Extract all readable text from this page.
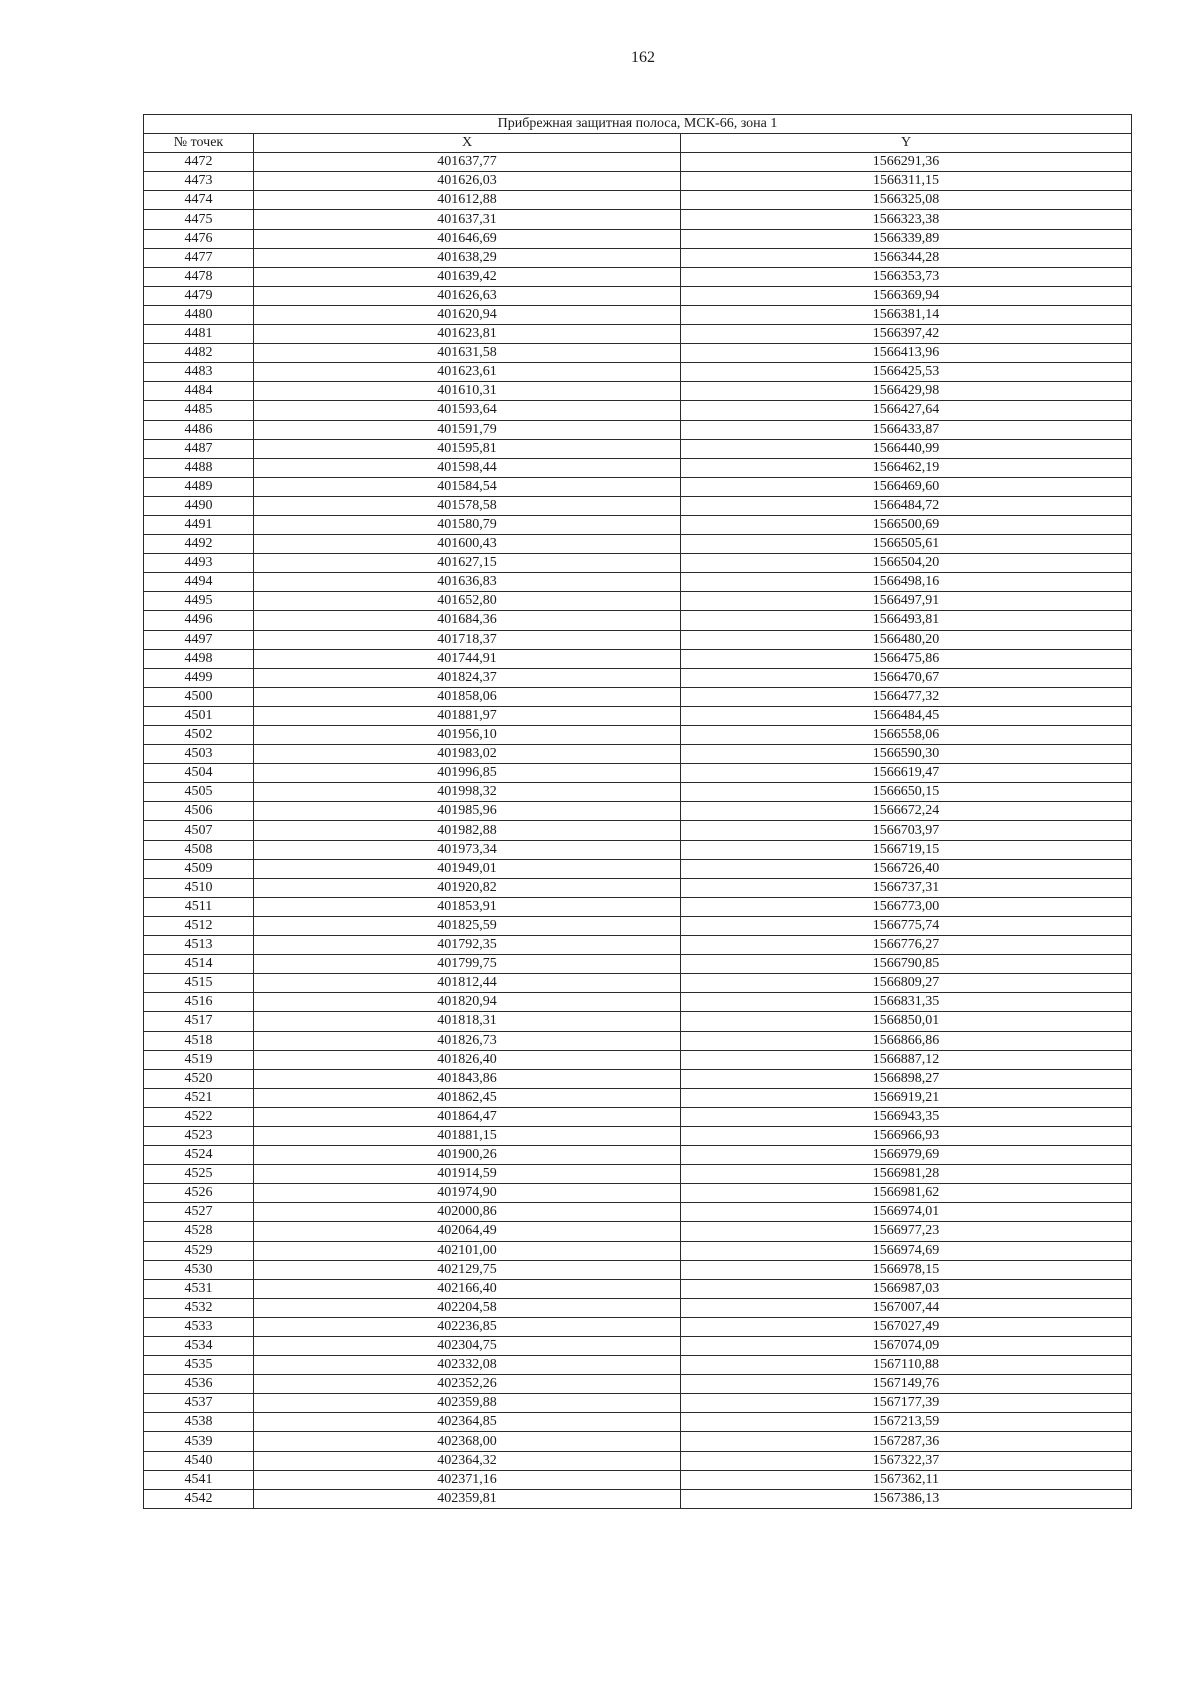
162
Прибрежная защитная полоса, МСК-66, зона 1		
№ точек	X	Y
4472	401637,77	1566291,36
4473	401626,03	1566311,15
4474	401612,88	1566325,08
4475	401637,31	1566323,38
4476	401646,69	1566339,89
4477	401638,29	1566344,28
4478	401639,42	1566353,73
4479	401626,63	1566369,94
4480	401620,94	1566381,14
4481	401623,81	1566397,42
4482	401631,58	1566413,96
4483	401623,61	1566425,53
4484	401610,31	1566429,98
4485	401593,64	1566427,64
4486	401591,79	1566433,87
4487	401595,81	1566440,99
4488	401598,44	1566462,19
4489	401584,54	1566469,60
4490	401578,58	1566484,72
4491	401580,79	1566500,69
4492	401600,43	1566505,61
4493	401627,15	1566504,20
4494	401636,83	1566498,16
4495	401652,80	1566497,91
4496	401684,36	1566493,81
4497	401718,37	1566480,20
4498	401744,91	1566475,86
4499	401824,37	1566470,67
4500	401858,06	1566477,32
4501	401881,97	1566484,45
4502	401956,10	1566558,06
4503	401983,02	1566590,30
4504	401996,85	1566619,47
4505	401998,32	1566650,15
4506	401985,96	1566672,24
4507	401982,88	1566703,97
4508	401973,34	1566719,15
4509	401949,01	1566726,40
4510	401920,82	1566737,31
4511	401853,91	1566773,00
4512	401825,59	1566775,74
4513	401792,35	1566776,27
4514	401799,75	1566790,85
4515	401812,44	1566809,27
4516	401820,94	1566831,35
4517	401818,31	1566850,01
4518	401826,73	1566866,86
4519	401826,40	1566887,12
4520	401843,86	1566898,27
4521	401862,45	1566919,21
4522	401864,47	1566943,35
4523	401881,15	1566966,93
4524	401900,26	1566979,69
4525	401914,59	1566981,28
4526	401974,90	1566981,62
4527	402000,86	1566974,01
4528	402064,49	1566977,23
4529	402101,00	1566974,69
4530	402129,75	1566978,15
4531	402166,40	1566987,03
4532	402204,58	1567007,44
4533	402236,85	1567027,49
4534	402304,75	1567074,09
4535	402332,08	1567110,88
4536	402352,26	1567149,76
4537	402359,88	1567177,39
4538	402364,85	1567213,59
4539	402368,00	1567287,36
4540	402364,32	1567322,37
4541	402371,16	1567362,11
4542	402359,81	1567386,13
